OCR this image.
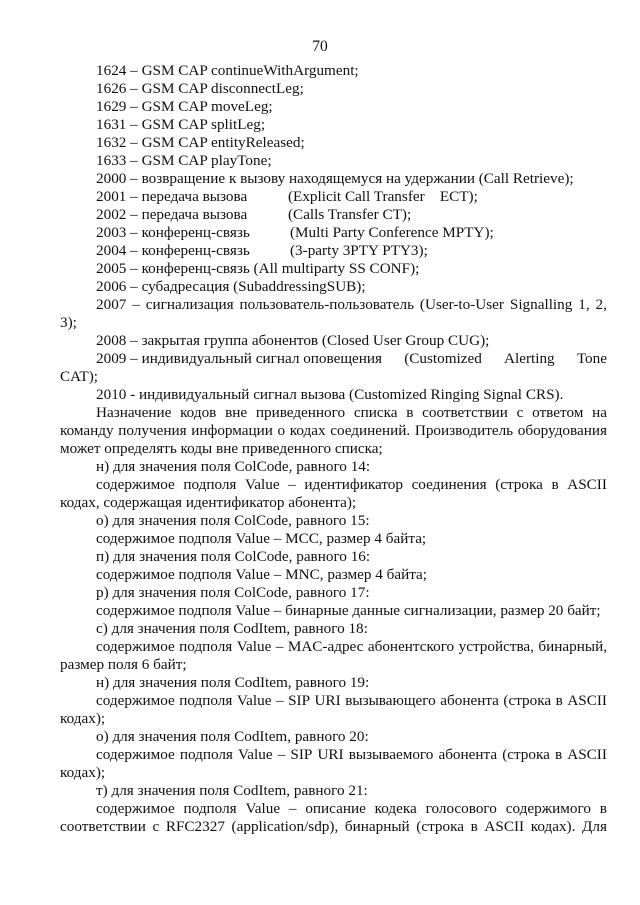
70
1624 – GSM CAP continueWithArgument;
1626 – GSM CAP disconnectLeg;
1629 – GSM CAP moveLeg;
1631 – GSM CAP splitLeg;
1632 – GSM CAP entityReleased;
1633 – GSM CAP playTone;
2000 – возвращение к вызову находящемуся на удержании (Call Retrieve);
2001 – передача вызова	(Explicit Call Transfer    ECT);
2002 – передача вызова	(Calls Transfer CT);
2003 – конференц-связь	(Multi Party Conference MPTY);
2004 – конференц-связь	(3-party 3PTY PTY3);
2005 – конференц-связь (All multiparty SS CONF);
2006 – субадресация (SubaddressingSUB);
2007 – сигнализация пользователь-пользователь (User-to-User Signalling 1, 2,
3);
2008 – закрытая группа абонентов (Closed User Group CUG);
2009 – индивидуальный сигнал оповещения (Customized Alerting Tone
CAT);
2010 - индивидуальный сигнал вызова (Customized Ringing Signal CRS).
Назначение кодов вне приведенного списка в соответствии с ответом на
команду получения информации о кодах соединений. Производитель оборудования
может определять коды вне приведенного списка;
н) для значения поля ColCode, равного 14:
содержимое подполя Value – идентификатор соединения (строка в ASCII
кодах, содержащая идентификатор абонента);
о) для значения поля ColCode, равного 15:
содержимое подполя Value – MCC, размер 4 байта;
п) для значения поля ColCode, равного 16:
содержимое подполя Value – MNC, размер 4 байта;
р) для значения поля ColCode, равного 17:
содержимое подполя Value – бинарные данные сигнализации, размер 20 байт;
с) для значения поля CodItem, равного 18:
содержимое подполя Value – MAC-адрес абонентского устройства, бинарный,
размер поля 6 байт;
н) для значения поля CodItem, равного 19:
содержимое подполя Value – SIP URI вызывающего абонента (строка в ASCII
кодах);
о) для значения поля CodItem, равного 20:
содержимое подполя Value – SIP URI вызываемого абонента (строка в ASCII
кодах);
т) для значения поля CodItem, равного 21:
содержимое подполя Value – описание кодека голосового содержимого в
соответствии с RFC2327 (application/sdp), бинарный (строка в ASCII кодах). Для
